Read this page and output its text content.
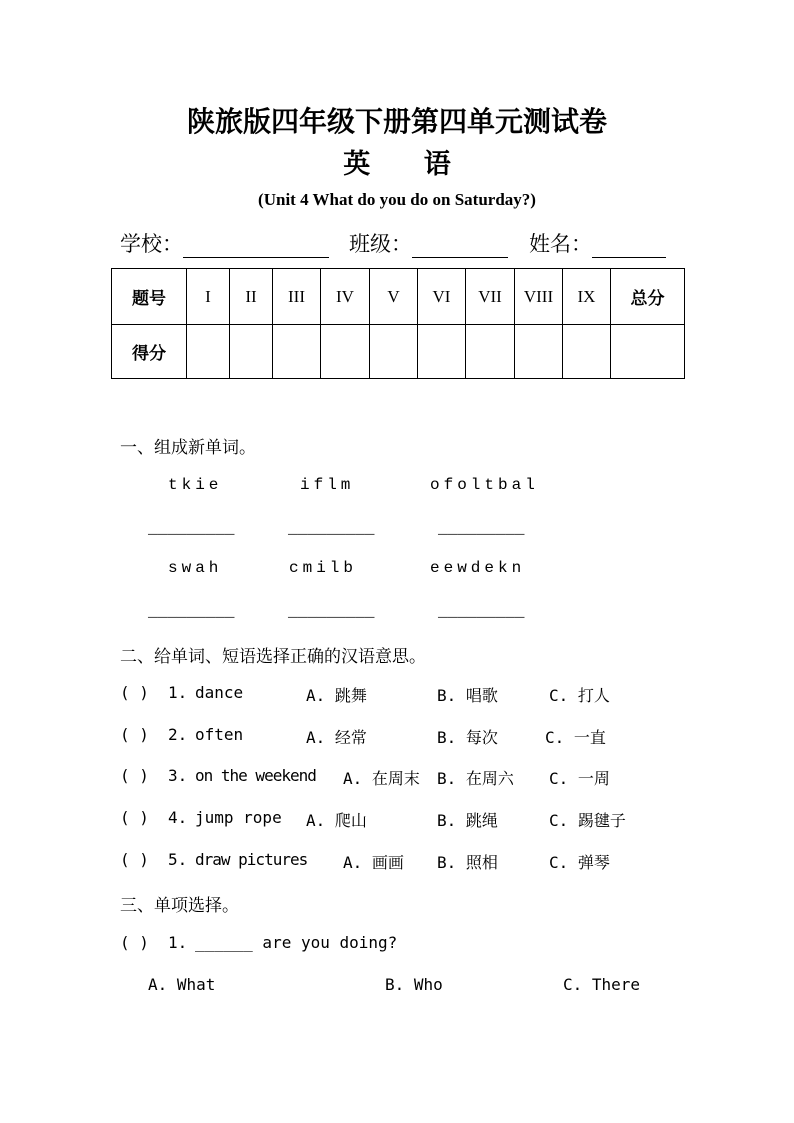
陕旅版四年级下册第四单元测试卷
英 语
(Unit 4 What do you do on Saturday?)
学校：	班级：	姓名：
题号	I	II	III	IV	V	VI	VII	VIII	IX	总分
得分										
一、组成新单词。
tkie	iflm	ofoltbal
_________	_________	_________
swah	cmilb	eewdekn
_________	_________	_________
二、给单词、短语选择正确的汉语意思。
( ) 1. dance	A. 跳舞	B. 唱歌	C. 打人
( ) 2. often	A. 经常	B. 每次	C. 一直
( ) 3. on the weekend A. 在周末 B. 在周六 C. 一周
( ) 4. jump rope A. 爬山	B. 跳绳	C. 踢毽子
( ) 5. draw pictures A. 画画 B. 照相	C. 弹琴
三、单项选择。
( ) 1. ______ are you doing?
A. What	B. Who	C. There
